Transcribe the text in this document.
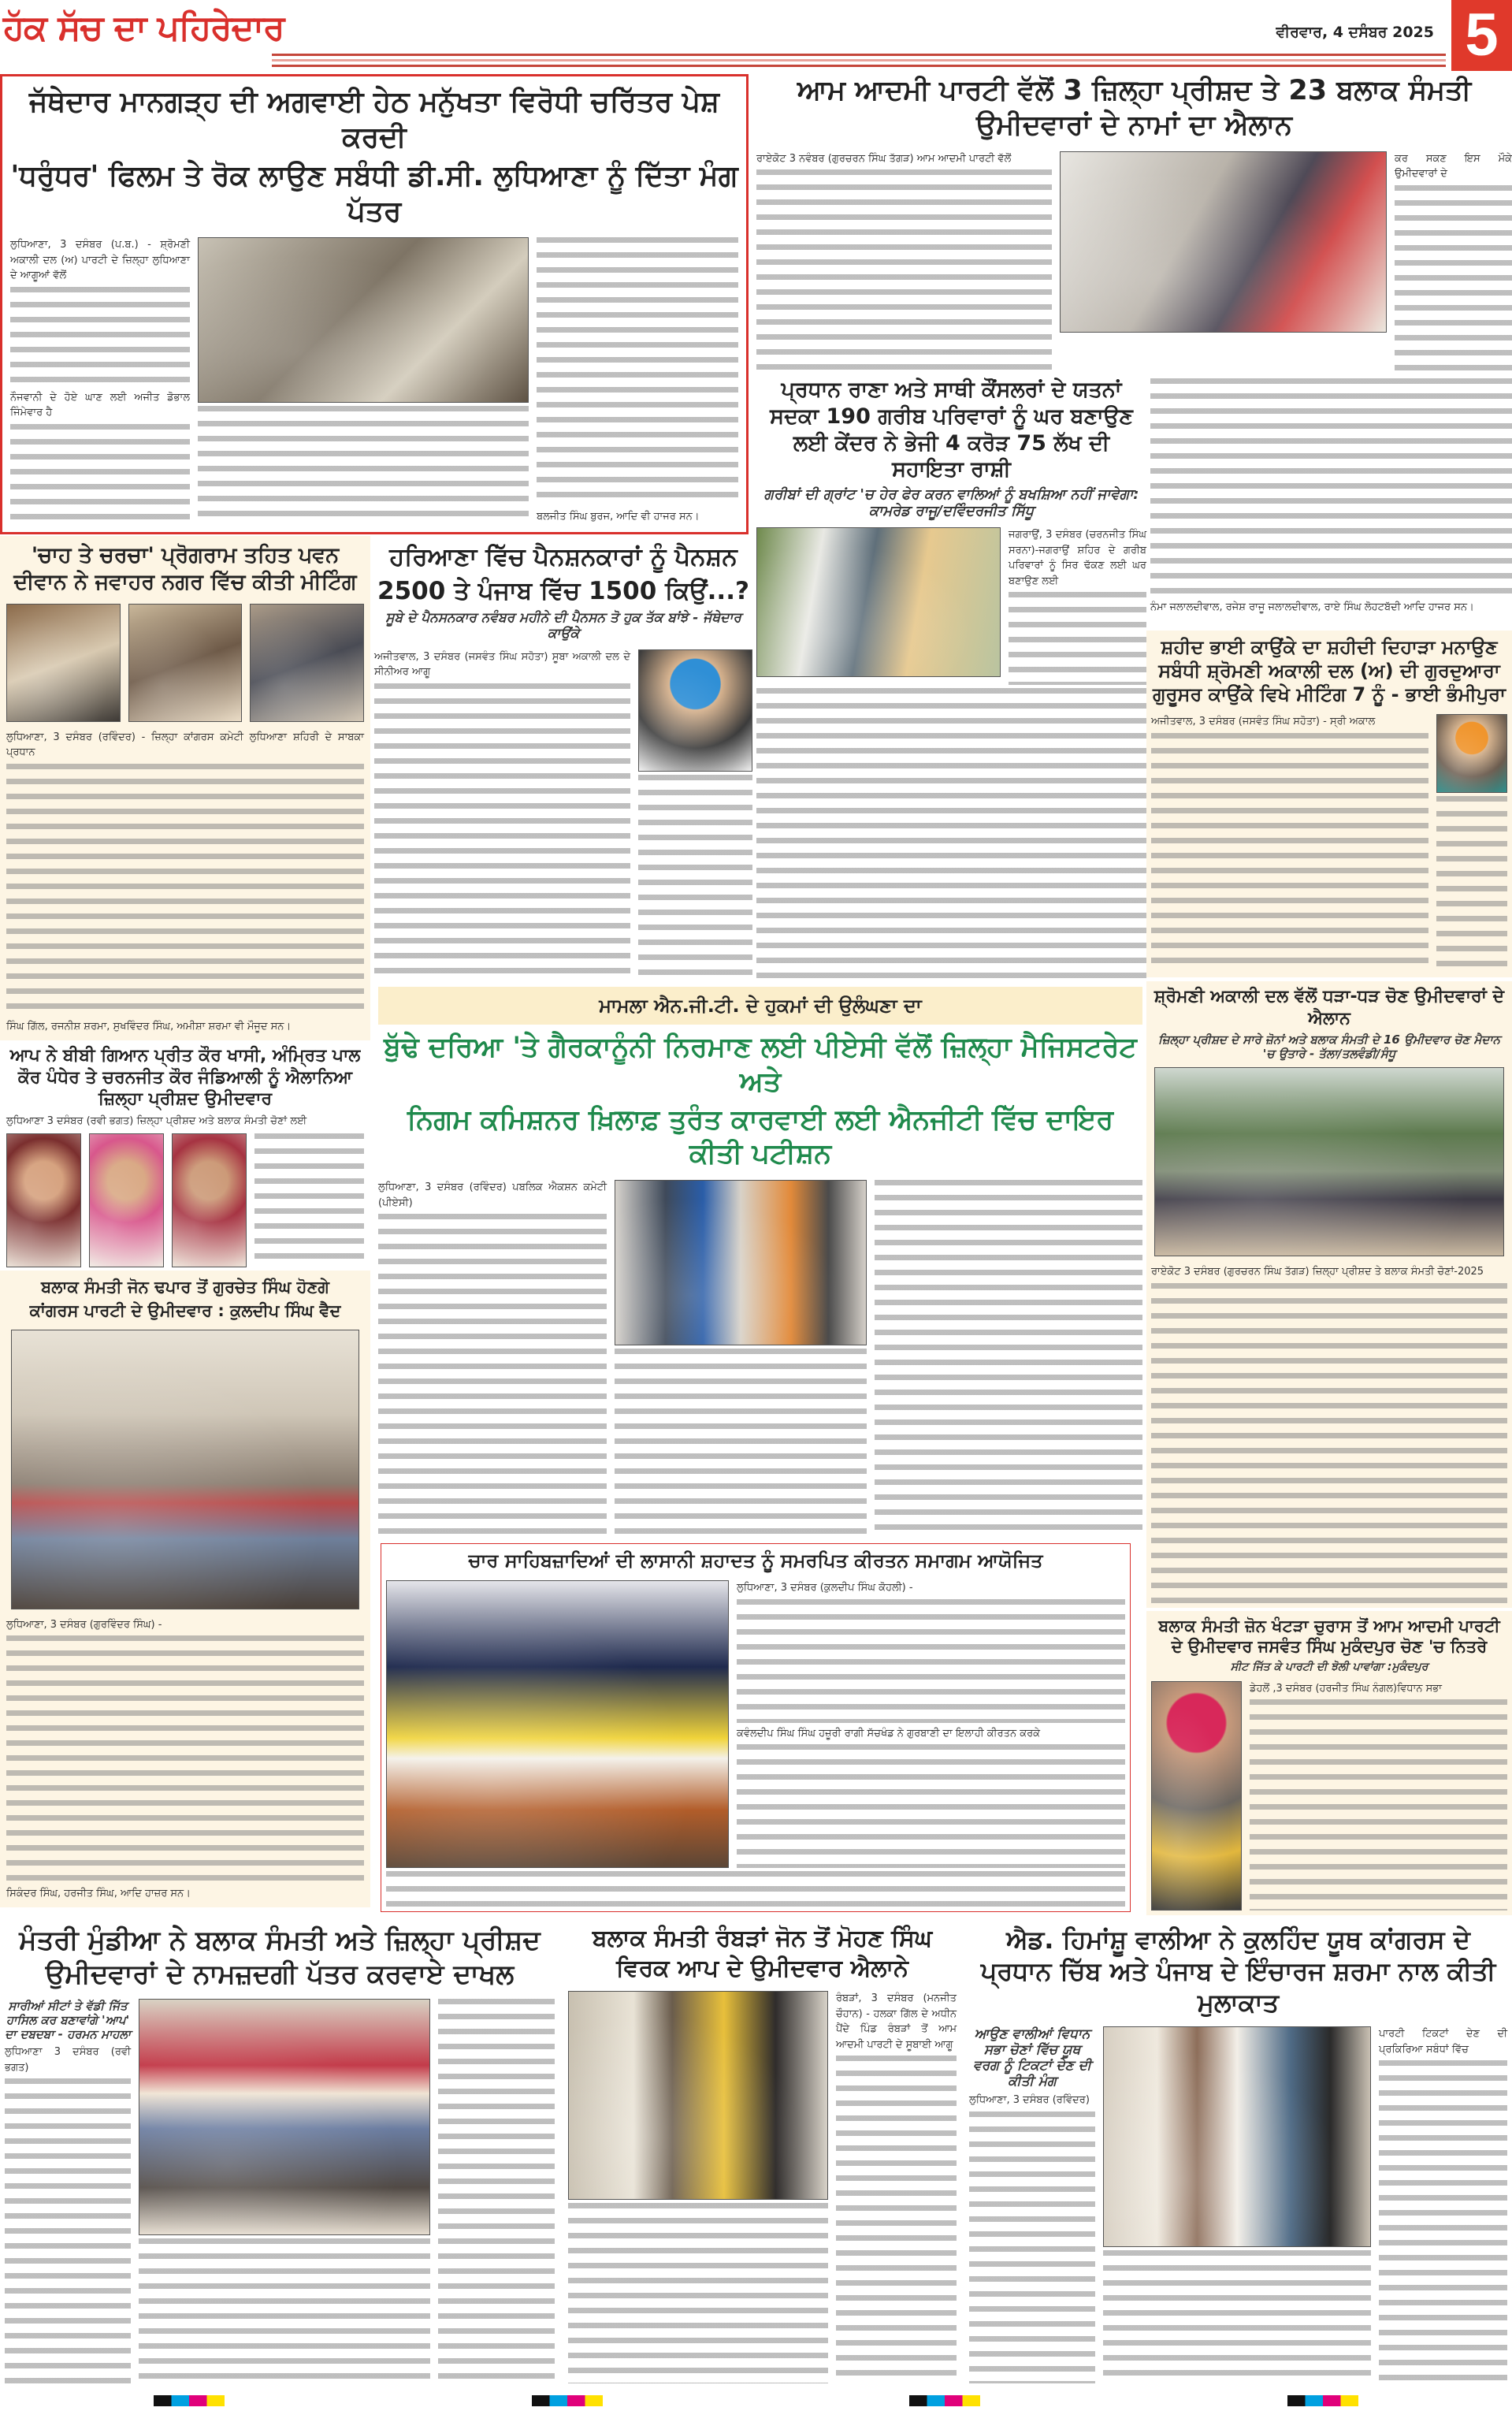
ਹੱਕ ਸੱਚ ਦਾ ਪਹਿਰੇਦਾਰ	ਵੀਰਵਾਰ, 4 ਦਸੰਬਰ 2025 5
ਜੱਥੇਦਾਰ ਮਾਨਗੜ੍ਹ ਦੀ ਅਗਵਾਈ ਹੇਠ ਮਨੁੱਖਤਾ ਵਿਰੋਧੀ ਚਰਿੱਤਰ ਪੇਸ਼ ਕਰਦੀ
'ਧਰੁੰਧਰ' ਫਿਲਮ ਤੇ ਰੋਕ ਲਾਉਣ ਸਬੰਧੀ ਡੀ.ਸੀ. ਲੁਧਿਆਣਾ ਨੂੰ ਦਿੱਤਾ ਮੰਗ ਪੱਤਰ

ਲੁਧਿਆਣਾ, 3 ਦਸੰਬਰ (ਪ.ਬ.) - ਸ਼੍ਰੋਮਣੀ ਅਕਾਲੀ ਦਲ (ਅ) ਪਾਰਟੀ ਦੇ ਜ਼ਿਲ੍ਹਾ ਲੁਧਿਆਣਾ ਦੇ ਆਗੂਆਂ ਵੱਲੋਂ

ਨੌਜਵਾਨੀ ਦੇ ਹੋਏ ਘਾਣ ਲਈ ਅਜੀਤ ਡੋਭਾਲ ਜਿੰਮੇਵਾਰ ਹੈ

ਬਲਜੀਤ ਸਿੰਘ ਬੁਰਜ, ਆਦਿ ਵੀ ਹਾਜਰ ਸਨ।

ਆਮ ਆਦਮੀ ਪਾਰਟੀ ਵੱਲੋਂ 3 ਜ਼ਿਲ੍ਹਾ ਪ੍ਰੀਸ਼ਦ ਤੇ 23 ਬਲਾਕ ਸੰਮਤੀ ਉਮੀਦਵਾਰਾਂ ਦੇ ਨਾਮਾਂ ਦਾ ਐਲਾਨ

ਰਾਏਕੋਟ 3 ਨਵੰਬਰ (ਗੁਰਚਰਨ ਸਿੰਘ ਤੱਗੜ) ਆਮ ਆਦਮੀ ਪਾਰਟੀ ਵੱਲੋਂ	ਕਰ ਸਕਣ ਇਸ ਮੌਕੇ ਉਮੀਦਵਾਰਾਂ ਦੇ

ਨੰਮਾ ਜਲਾਲਦੀਵਾਲ, ਰਜੇਸ਼ ਰਾਜੂ ਜਲਾਲਦੀਵਾਲ, ਰਾਏ ਸਿੰਘ ਲੋਹਟਬੱਦੀ ਆਦਿ ਹਾਜਰ ਸਨ।

ਪ੍ਰਧਾਨ ਰਾਣਾ ਅਤੇ ਸਾਥੀ ਕੌਂਸਲਰਾਂ ਦੇ ਯਤਨਾਂ ਸਦਕਾ 190 ਗਰੀਬ ਪਰਿਵਾਰਾਂ ਨੂੰ ਘਰ ਬਣਾਉਣ ਲਈ ਕੇਂਦਰ ਨੇ ਭੇਜੀ 4 ਕਰੋੜ 75 ਲੱਖ ਦੀ ਸਹਾਇਤਾ ਰਾਸ਼ੀ

ਗਰੀਬਾਂ ਦੀ ਗ੍ਰਾਂਟ 'ਚ ਹੇਰ ਫੇਰ ਕਰਨ ਵਾਲਿਆਂ ਨੂੰ ਬਖਸ਼ਿਆ ਨਹੀਂ ਜਾਵੇਗਾ: ਕਾਮਰੇਡ ਰਾਜੂ/ਦਵਿੰਦਰਜੀਤ ਸਿੱਧੂ

ਜਗਰਾਉਂ, 3 ਦਸੰਬਰ (ਚਰਨਜੀਤ ਸਿੰਘ ਸਰਨਾ)-ਜਗਰਾਉਂ ਸ਼ਹਿਰ ਦੇ ਗਰੀਬ ਪਰਿਵਾਰਾਂ ਨੂੰ ਸਿਰ ਢੱਕਣ ਲਈ ਘਰ ਬਣਾਉਣ ਲਈ

ਸ਼ਹੀਦ ਭਾਈ ਕਾਉਂਕੇ ਦਾ ਸ਼ਹੀਦੀ ਦਿਹਾੜਾ ਮਨਾਉਣ ਸਬੰਧੀ ਸ਼੍ਰੋਮਣੀ ਅਕਾਲੀ ਦਲ (ਅ) ਦੀ ਗੁਰਦੁਆਰਾ ਗੁਰੂਸਰ ਕਾਉਂਕੇ ਵਿਖੇ ਮੀਟਿੰਗ 7 ਨੂੰ - ਭਾਈ ਭੰਮੀਪੁਰਾ

ਅਜੀਤਵਾਲ, 3 ਦਸੰਬਰ (ਜਸਵੰਤ ਸਿੰਘ ਸਹੋਤਾ) - ਸ੍ਰੀ ਅਕਾਲ

'ਚਾਹ ਤੇ ਚਰਚਾ' ਪ੍ਰੋਗਰਾਮ ਤਹਿਤ ਪਵਨ ਦੀਵਾਨ ਨੇ ਜਵਾਹਰ ਨਗਰ ਵਿੱਚ ਕੀਤੀ ਮੀਟਿੰਗ

ਲੁਧਿਆਣਾ, 3 ਦਸੰਬਰ (ਰਵਿੰਦਰ) - ਜ਼ਿਲ੍ਹਾ ਕਾਂਗਰਸ ਕਮੇਟੀ ਲੁਧਿਆਣਾ ਸ਼ਹਿਰੀ ਦੇ ਸਾਬਕਾ ਪ੍ਰਧਾਨ

ਸਿੰਘ ਗਿੱਲ, ਰਜਨੀਸ਼ ਸ਼ਰਮਾ, ਸੁਖਵਿੰਦਰ ਸਿੰਘ, ਅਮੀਸ਼ਾ ਸ਼ਰਮਾ ਵੀ ਮੌਜੂਦ ਸਨ।

ਹਰਿਆਣਾ ਵਿੱਚ ਪੈਨਸ਼ਨਕਾਰਾਂ ਨੂੰ ਪੈਨਸ਼ਨ
2500 ਤੇ ਪੰਜਾਬ ਵਿੱਚ 1500 ਕਿਉਂ...?

ਸੂਬੇ ਦੇ ਪੈਨਸਨਕਾਰ ਨਵੰਬਰ ਮਹੀਨੇ ਦੀ ਪੈਨਸਨ ਤੋ ਹੁਕ ਤੱਕ ਬਾਂਝੇ - ਜੱਥੇਦਾਰ ਕਾਉਂਕੇ

ਅਜੀਤਵਾਲ, 3 ਦਸੰਬਰ (ਜਸਵੰਤ ਸਿੰਘ ਸਹੋਤਾ) ਸੂਬਾ ਅਕਾਲੀ ਦਲ ਦੇ ਸੀਨੀਅਰ ਆਗੂ

ਆਪ ਨੇ ਬੀਬੀ ਗਿਆਨ ਪ੍ਰੀਤ ਕੌਰ ਖਾਸੀ, ਅੰਮ੍ਰਿਤ ਪਾਲ ਕੌਰ ਪੰਧੇਰ ਤੇ ਚਰਨਜੀਤ ਕੌਰ ਜੰਡਿਆਲੀ ਨੂੰ ਐਲਾਨਿਆ ਜ਼ਿਲ੍ਹਾ ਪ੍ਰੀਸ਼ਦ ਉਮੀਦਵਾਰ

ਲੁਧਿਆਣਾ 3 ਦਸੰਬਰ (ਰਵੀ ਭਗਤ) ਜ਼ਿਲ੍ਹਾ ਪ੍ਰੀਸ਼ਦ ਅਤੇ ਬਲਾਕ ਸੰਮਤੀ ਚੋਣਾਂ ਲਈ

ਬਲਾਕ ਸੰਮਤੀ ਜੋਨ ਢਪਾਰ ਤੋਂ ਗੁਰਚੇਤ ਸਿੰਘ ਹੋਣਗੇ
ਕਾਂਗਰਸ ਪਾਰਟੀ ਦੇ ਉਮੀਦਵਾਰ : ਕੁਲਦੀਪ ਸਿੰਘ ਵੈਦ

ਲੁਧਿਆਣਾ, 3 ਦਸੰਬਰ (ਗੁਰਵਿੰਦਰ ਸਿੰਘ) -

ਸਿਕੰਦਰ ਸਿੰਘ, ਹਰਜੀਤ ਸਿੰਘ, ਆਦਿ ਹਾਜ਼ਰ ਸਨ।

ਮਾਮਲਾ ਐਨ.ਜੀ.ਟੀ. ਦੇ ਹੁਕਮਾਂ ਦੀ ਉਲੰਘਣਾ ਦਾ
ਬੁੱਢੇ ਦਰਿਆ 'ਤੇ ਗੈਰਕਾਨੂੰਨੀ ਨਿਰਮਾਣ ਲਈ ਪੀਏਸੀ ਵੱਲੋਂ ਜ਼ਿਲ੍ਹਾ ਮੈਜਿਸਟਰੇਟ ਅਤੇ
ਨਿਗਮ ਕਮਿਸ਼ਨਰ ਖ਼ਿਲਾਫ਼ ਤੁਰੰਤ ਕਾਰਵਾਈ ਲਈ ਐਨਜੀਟੀ ਵਿੱਚ ਦਾਇਰ ਕੀਤੀ ਪਟੀਸ਼ਨ

ਲੁਧਿਆਣਾ, 3 ਦਸੰਬਰ (ਰਵਿੰਦਰ) ਪਬਲਿਕ ਐਕਸ਼ਨ ਕਮੇਟੀ (ਪੀਏਸੀ)

ਸ਼੍ਰੋਮਣੀ ਅਕਾਲੀ ਦਲ ਵੱਲੋਂ ਧੜਾ-ਧੜ ਚੋਣ ਉਮੀਦਵਾਰਾਂ ਦੇ ਐਲਾਨ

ਜ਼ਿਲ੍ਹਾ ਪ੍ਰੀਸ਼ਦ ਦੇ ਸਾਰੇ ਜ਼ੋਨਾਂ ਅਤੇ ਬਲਾਕ ਸੰਮਤੀ ਦੇ 16 ਉਮੀਦਵਾਰ ਚੋਣ ਮੈਦਾਨ 'ਚ ਉਤਾਰੇ - ਤੱਲਾ/ਤਲਵੰਡੀ/ਸੰਧੂ

ਰਾਏਕੋਟ 3 ਦਸੰਬਰ (ਗੁਰਚਰਨ ਸਿੰਘ ਤੱਗੜ) ਜ਼ਿਲ੍ਹਾ ਪ੍ਰੀਸ਼ਦ ਤੇ ਬਲਾਕ ਸੰਮਤੀ ਚੋਣਾਂ-2025

ਚਾਰ ਸਾਹਿਬਜ਼ਾਦਿਆਂ ਦੀ ਲਾਸਾਨੀ ਸ਼ਹਾਦਤ ਨੂੰ ਸਮਰਪਿਤ ਕੀਰਤਨ ਸਮਾਗਮ ਆਯੋਜਿਤ

ਲੁਧਿਆਣਾ, 3 ਦਸੰਬਰ (ਕੁਲਦੀਪ ਸਿੰਘ ਕੋਹਲੀ) -

ਕਵੰਲਦੀਪ ਸਿੰਘ ਸਿੰਘ ਹਜ਼ੂਰੀ ਰਾਗੀ ਸੱਚਖੰਡ ਨੇ ਗੁਰਬਾਣੀ ਦਾ ਇਲਾਹੀ ਕੀਰਤਨ ਕਰਕੇ

ਬਲਾਕ ਸੰਮਤੀ ਜ਼ੋਨ ਖੰਟੜਾ ਚੁਰਾਸ ਤੋਂ ਆਮ ਆਦਮੀ ਪਾਰਟੀ ਦੇ ਉਮੀਦਵਾਰ ਜਸਵੰਤ ਸਿੰਘ ਮੁਕੰਦਪੁਰ ਚੋਣ 'ਚ ਨਿਤਰੇ

ਸੀਟ ਜਿੱਤ ਕੇ ਪਾਰਟੀ ਦੀ ਝੋਲੀ ਪਾਵਾਂਗਾ :ਮੁਕੰਦਪੁਰ

ਡੇਹਲੋਂ ,3 ਦਸੰਬਰ (ਹਰਜੀਤ ਸਿੰਘ ਨੰਗਲ)ਵਿਧਾਨ ਸਭਾ

ਮੰਤਰੀ ਮੁੰਡੀਆ ਨੇ ਬਲਾਕ ਸੰਮਤੀ ਅਤੇ ਜ਼ਿਲ੍ਹਾ ਪ੍ਰੀਸ਼ਦ ਉਮੀਦਵਾਰਾਂ ਦੇ ਨਾਮਜ਼ਦਗੀ ਪੱਤਰ ਕਰਵਾਏ ਦਾਖਲ

ਸਾਰੀਆਂ ਸੀਟਾਂ ਤੇ ਵੱਡੀ ਜਿੱਤ ਹਾਸਿਲ ਕਰ ਬਣਾਵਾਂਗੇ 'ਆਪ' ਦਾ ਦਬਦਬਾ - ਹਰਮਨ ਮਾਹਲਾ

ਲੁਧਿਆਣਾ 3 ਦਸੰਬਰ (ਰਵੀ ਭਗਤ)

ਬਲਾਕ ਸੰਮਤੀ ਰੰਬੜਾਂ ਜੋਨ ਤੋਂ ਮੋਹਣ ਸਿੰਘ ਵਿਰਕ ਆਪ ਦੇ ਉਮੀਦਵਾਰ ਐਲਾਨੇ

ਰੰਬੜਾਂ, 3 ਦਸੰਬਰ (ਮਨਜੀਤ ਚੌਹਾਨ) - ਹਲਕਾ ਗਿੱਲ ਦੇ ਅਧੀਨ ਪੈਂਦੇ ਪਿੰਡ ਰੰਬੜਾਂ ਤੋਂ ਆਮ ਆਦਮੀ ਪਾਰਟੀ ਦੇ ਸੂਬਾਈ ਆਗੂ

ਐਡ. ਹਿਮਾਂਸ਼ੂ ਵਾਲੀਆ ਨੇ ਕੁਲਹਿੰਦ ਯੂਥ ਕਾਂਗਰਸ ਦੇ ਪ੍ਰਧਾਨ ਚਿੱਬ ਅਤੇ ਪੰਜਾਬ ਦੇ ਇੰਚਾਰਜ ਸ਼ਰਮਾ ਨਾਲ ਕੀਤੀ ਮੁਲਾਕਾਤ

ਆਉਣ ਵਾਲੀਆਂ ਵਿਧਾਨ ਸਭਾ ਚੋਣਾਂ ਵਿੱਚ ਯੂਥ ਵਰਗ ਨੂੰ ਟਿਕਟਾਂ ਦੇਣ ਦੀ ਕੀਤੀ ਮੰਗ

ਲੁਧਿਆਣਾ, 3 ਦਸੰਬਰ (ਰਵਿੰਦਰ)

ਪਾਰਟੀ ਟਿਕਟਾਂ ਦੇਣ ਦੀ ਪ੍ਰਕਿਰਿਆ ਸਬੰਧਾਂ ਵਿੱਚ
